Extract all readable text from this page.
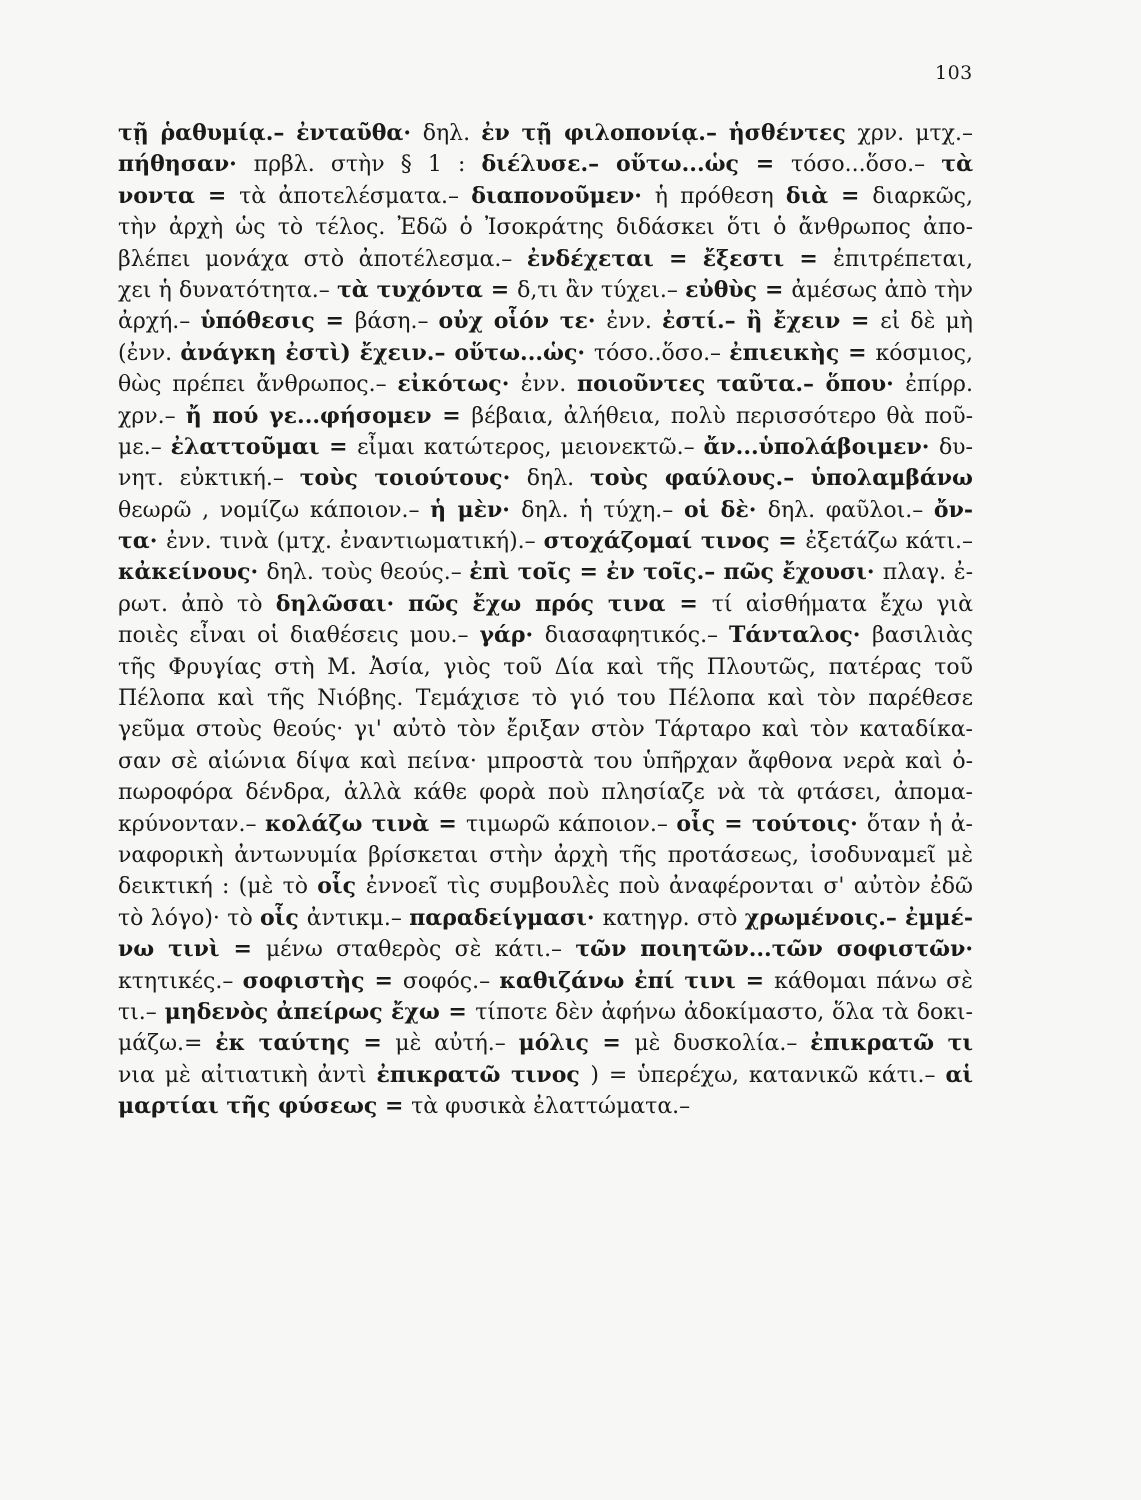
103
τῇ ῥαθυμίᾳ.– ἐνταῦθα· δηλ. ἐν τῇ φιλοπονίᾳ.– ἡσθέντες χρν. μτχ.–
πήθησαν· πρβλ. στὴν § 1 : διέλυσε.– οὕτω...ὡς = τόσο...ὅσο.– τὰ
νοντα = τὰ ἀποτελέσματα.– διαπονοῦμεν· ἡ πρόθεση διὰ = διαρκῶς,
τὴν ἀρχὴ ὡς τὸ τέλος. Ἐδῶ ὁ Ἰσοκράτης διδάσκει ὅτι ὁ ἄνθρωπος ἀπο-
βλέπει μονάχα στὸ ἀποτέλεσμα.– ἐνδέχεται = ἔξεστι = ἐπιτρέπεται,
χει ἡ δυνατότητα.– τὰ τυχόντα = δ,τι ἂν τύχει.– εὐθὺς = ἀμέσως ἀπὸ τὴν
ἀρχή.– ὑπόθεσις = βάση.– οὐχ οἷόν τε· ἐνν. ἐστί.– ἢ ἔχειν = εἰ δὲ μὴ
(ἐνν. ἀνάγκη ἐστὶ) ἔχειν.– οὕτω...ὡς· τόσο..ὅσο.– ἐπιεικὴς = κόσμιος,
θὼς πρέπει ἄνθρωπος.– εἰκότως· ἐνν. ποιοῦντες ταῦτα.– ὅπου· ἐπίρρ.
χρν.– ἤ πού γε...φήσομεν = βέβαια, ἀλήθεια, πολὺ περισσότερο θὰ ποῦ-
με.– ἐλαττοῦμαι = εἶμαι κατώτερος, μειονεκτῶ.– ἄν...ὑπολάβοιμεν· δυ-
νητ. εὐκτική.– τοὺς τοιούτους· δηλ. τοὺς φαύλους.– ὑπολαμβάνω
θεωρῶ , νομίζω κάποιον.– ἡ μὲν· δηλ. ἡ τύχη.– οἱ δὲ· δηλ. φαῦλοι.– ὄν-
τα· ἐνν. τινὰ (μτχ. ἐναντιωματική).– στοχάζομαί τινος = ἐξετάζω κάτι.–
κἀκείνους· δηλ. τοὺς θεούς.– ἐπὶ τοῖς = ἐν τοῖς.– πῶς ἔχουσι· πλαγ. ἐ-
ρωτ. ἀπὸ τὸ δηλῶσαι· πῶς ἔχω πρός τινα = τί αἰσθήματα ἔχω γιὰ
ποιὲς εἶναι οἱ διαθέσεις μου.– γάρ· διασαφητικός.– Τάνταλος· βασιλιὰς
τῆς Φρυγίας στὴ Μ. Ἀσία, γιὸς τοῦ Δία καὶ τῆς Πλουτῶς, πατέρας τοῦ
Πέλοπα καὶ τῆς Νιόβης. Τεμάχισε τὸ γιό του Πέλοπα καὶ τὸν παρέθεσε
γεῦμα στοὺς θεούς· γι' αὐτὸ τὸν ἔριξαν στὸν Τάρταρο καὶ τὸν καταδίκα-
σαν σὲ αἰώνια δίψα καὶ πείνα· μπροστὰ του ὑπῆρχαν ἄφθονα νερὰ καὶ ὀ-
πωροφόρα δένδρα, ἀλλὰ κάθε φορὰ ποὺ πλησίαζε νὰ τὰ φτάσει, ἀπομα-
κρύνονταν.– κολάζω τινὰ = τιμωρῶ κάποιον.– οἷς = τούτοις· ὅταν ἡ ἀ-
ναφορικὴ ἀντωνυμία βρίσκεται στὴν ἀρχὴ τῆς προτάσεως, ἰσοδυναμεῖ μὲ
δεικτική : (μὲ τὸ οἷς ἐννοεῖ τὶς συμβουλὲς ποὺ ἀναφέρονται σ' αὐτὸν ἐδῶ
τὸ λόγο)· τὸ οἷς ἀντικμ.– παραδείγμασι· κατηγρ. στὸ χρωμένοις.– ἐμμέ-
νω τινὶ = μένω σταθερὸς σὲ κάτι.– τῶν ποιητῶν...τῶν σοφιστῶν·
κτητικές.– σοφιστὴς = σοφός.– καθιζάνω ἐπί τινι = κάθομαι πάνω σὲ
τι.– μηδενὸς ἀπείρως ἔχω = τίποτε δὲν ἀφήνω ἀδοκίμαστο, ὅλα τὰ δοκι-
μάζω.= ἐκ ταύτης = μὲ αὐτή.– μόλις = μὲ δυσκολία.– ἐπικρατῶ τι
νια μὲ αἰτιατικὴ ἀντὶ ἐπικρατῶ τινος ) = ὑπερέχω, κατανικῶ κάτι.– αἱ
μαρτίαι τῆς φύσεως = τὰ φυσικὰ ἐλαττώματα.–
